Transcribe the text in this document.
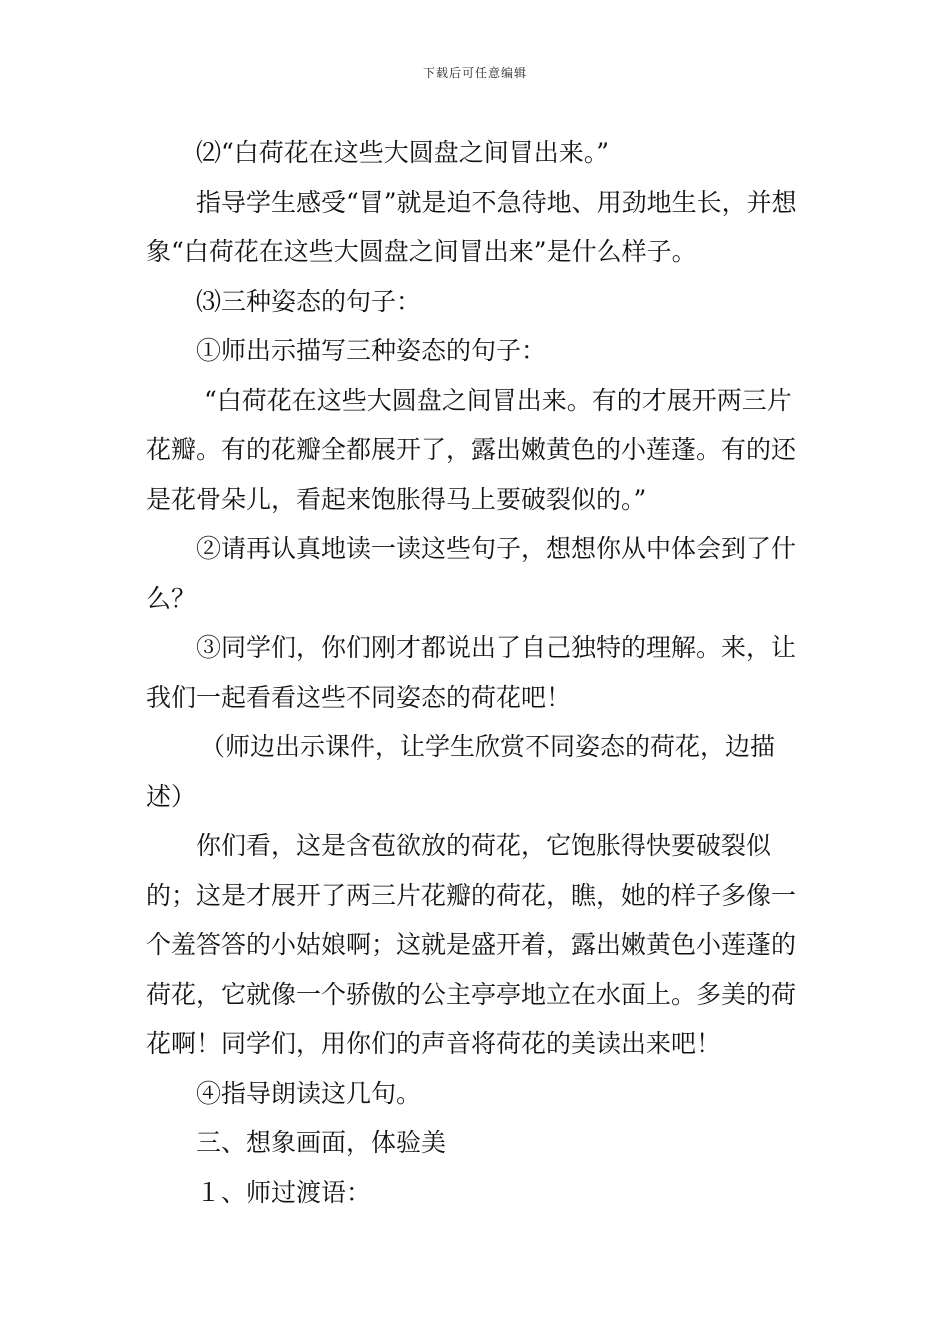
下载后可任意编辑

⑵“白荷花在这些大圆盘之间冒出来。”

指导学生感受“冒”就是迫不急待地、用劲地生长，并想象“白荷花在这些大圆盘之间冒出来”是什么样子。

⑶三种姿态的句子：

①师出示描写三种姿态的句子：

“白荷花在这些大圆盘之间冒出来。有的才展开两三片花瓣。有的花瓣全都展开了，露出嫩黄色的小莲蓬。有的还是花骨朵儿，看起来饱胀得马上要破裂似的。”

②请再认真地读一读这些句子，想想你从中体会到了什么？

③同学们，你们刚才都说出了自己独特的理解。来，让我们一起看看这些不同姿态的荷花吧！

（师边出示课件，让学生欣赏不同姿态的荷花，边描述）

你们看，这是含苞欲放的荷花，它饱胀得快要破裂似的；这是才展开了两三片花瓣的荷花，瞧，她的样子多像一个羞答答的小姑娘啊；这就是盛开着，露出嫩黄色小莲蓬的荷花，它就像一个骄傲的公主亭亭地立在水面上。多美的荷花啊！同学们，用你们的声音将荷花的美读出来吧！

④指导朗读这几句。

三、想象画面，体验美

１、师过渡语：
